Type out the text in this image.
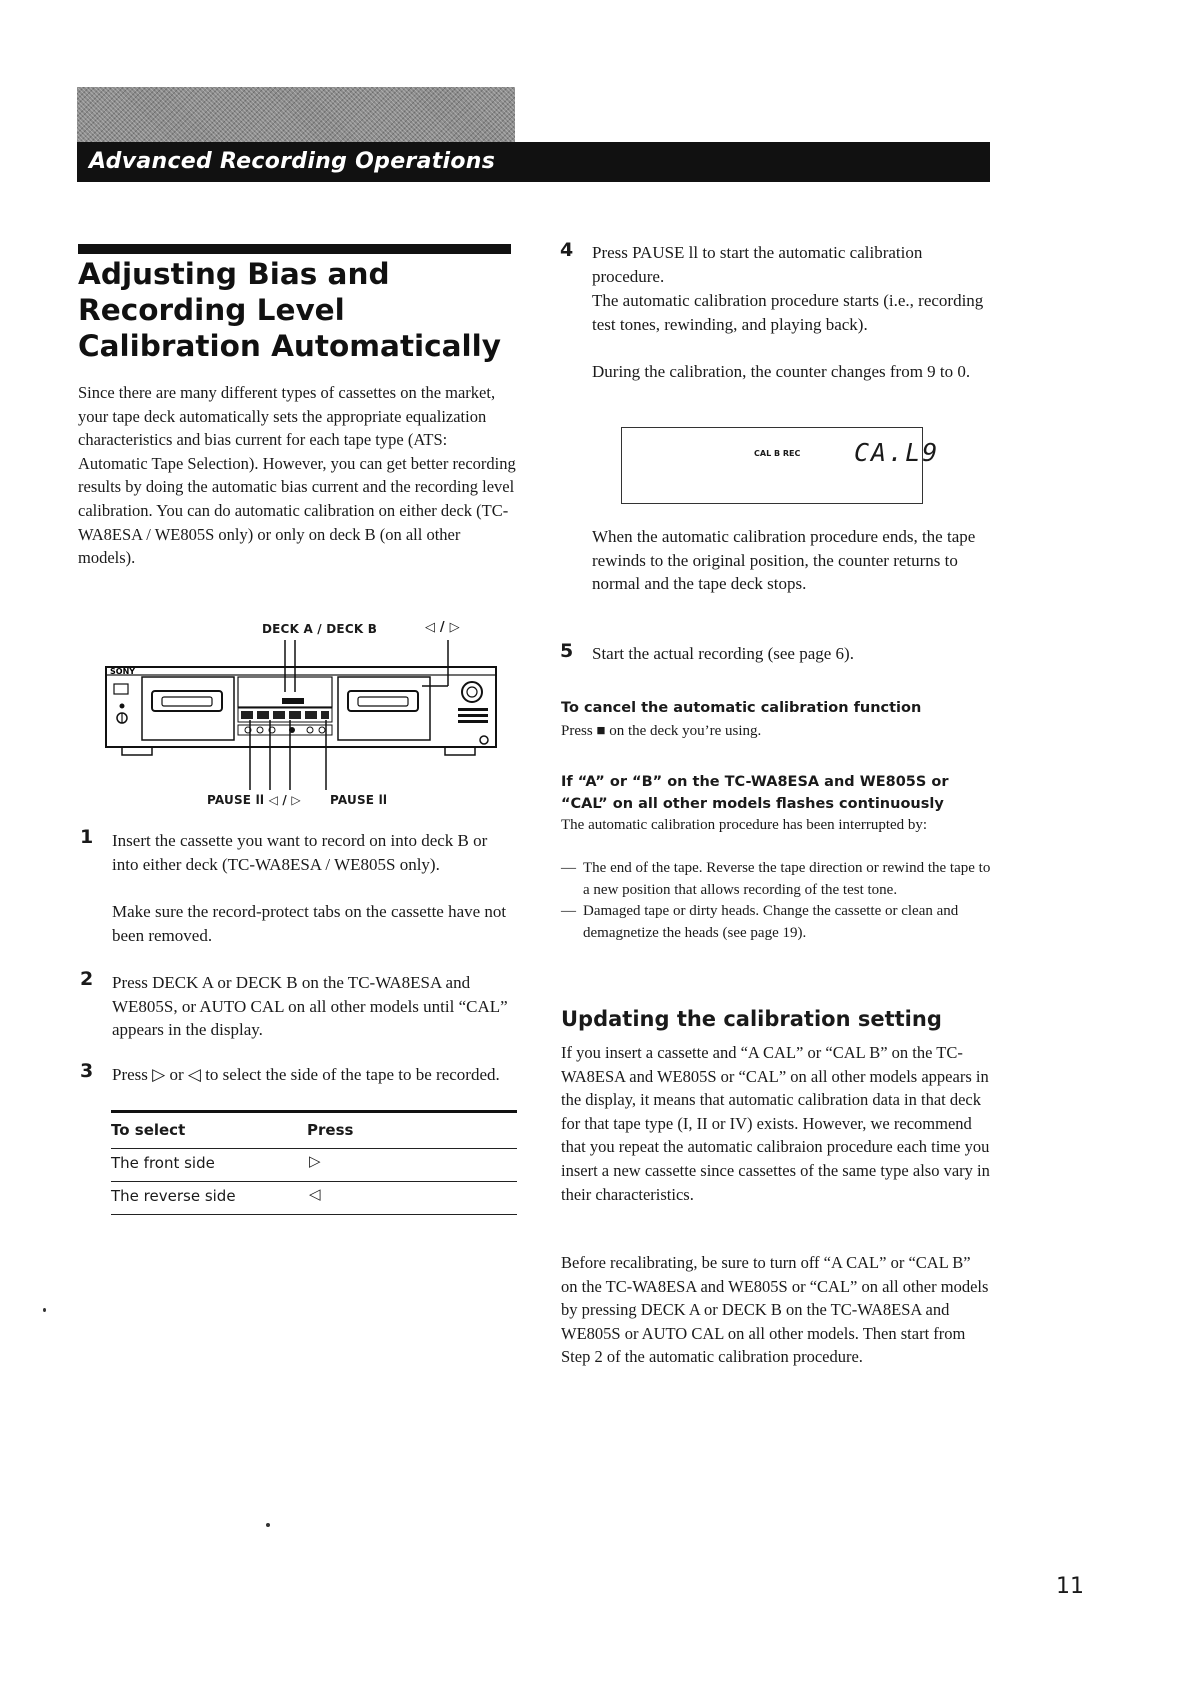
Advanced Recording Operations
Adjusting Bias and Recording Level Calibration Automatically

Since there are many different types of cassettes on the market, your tape deck automatically sets the appropriate equalization characteristics and bias current for each tape type (ATS: Automatic Tape Selection). However, you can get better recording results by doing the automatic bias current and the recording level calibration. You can do automatic calibration on either deck (TC-WA8ESA / WE805S only) or only on deck B (on all other models).

DECK A / DECK B	◁ / ▷
SONY
PAUSE ll ◁ / ▷ PAUSE ll
1 Insert the cassette you want to record on into deck B or into either deck (TC-WA8ESA / WE805S only).
Make sure the record-protect tabs on the cassette have not been removed.
2 Press DECK A or DECK B on the TC-WA8ESA and WE805S, or AUTO CAL on all other models until “CAL” appears in the display.
3 Press ▷ or ◁ to select the side of the tape to be recorded.
To select	Press
The front side	▷
The reverse side	◁
4 Press PAUSE ll to start the automatic calibration procedure.
The automatic calibration procedure starts (i.e., recording test tones, rewinding, and playing back).
During the calibration, the counter changes from 9 to 0.
CAL B REC CA.L9
When the automatic calibration procedure ends, the tape rewinds to the original position, the counter returns to normal and the tape deck stops.
5 Start the actual recording (see page 6).
To cancel the automatic calibration function
Press ■ on the deck you’re using.
If “A” or “B” on the TC-WA8ESA and WE805S or
“CAL” on all other models flashes continuously
The automatic calibration procedure has been interrupted by:
— The end of the tape. Reverse the tape direction or rewind the tape to a new position that allows recording of the test tone.
— Damaged tape or dirty heads. Change the cassette or clean and demagnetize the heads (see page 19).
Updating the calibration setting

If you insert a cassette and “A CAL” or “CAL B” on the TC-WA8ESA and WE805S or “CAL” on all other models appears in the display, it means that automatic calibration data in that deck for that tape type (I, II or IV) exists. However, we recommend that you repeat the automatic calibraion procedure each time you insert a new cassette since cassettes of the same type also vary in their characteristics.

Before recalibrating, be sure to turn off “A CAL” or “CAL B” on the TC-WA8ESA and WE805S or “CAL” on all other models by pressing DECK A or DECK B on the TC-WA8ESA and WE805S or AUTO CAL on all other models. Then start from Step 2 of the automatic calibration procedure.

11
